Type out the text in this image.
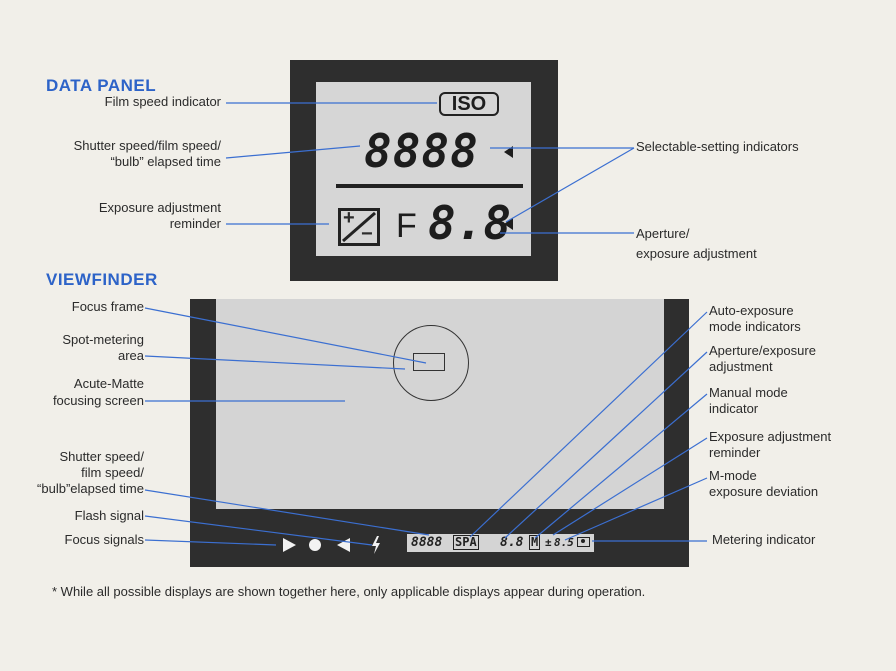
DATA PANEL
VIEWFINDER
ISO
8888
+
− F 8.8
Film speed indicator
Shutter speed/film speed/
“bulb” elapsed time
Exposure adjustment
reminder
Selectable-setting indicators
Aperture/
exposure adjustment
8888 SPA 8.8 M ± 8.5
Focus frame
Spot-metering
area
Acute-Matte
focusing screen
Shutter speed/
film speed/
“bulb”elapsed time
Flash signal
Focus signals
Auto-exposure
mode indicators
Aperture/exposure
adjustment
Manual mode
indicator
Exposure adjustment
reminder
M-mode
exposure deviation
Metering indicator
* While all possible displays are shown together here, only applicable displays appear during operation.
